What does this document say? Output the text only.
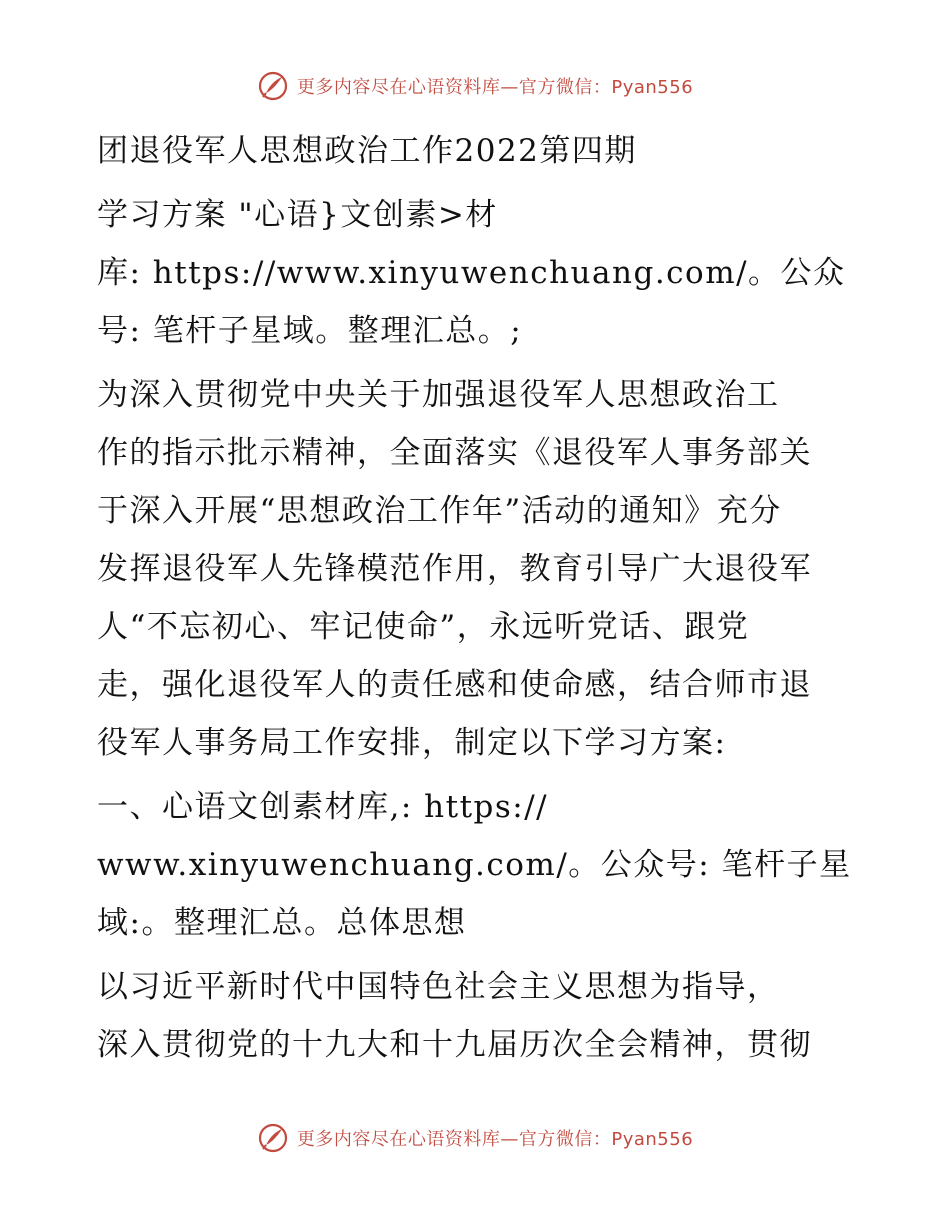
更多内容尽在心语资料库—官方微信：Pyan556

团退役军人思想政治工作2022第四期

学习方案 "心语}文创素>材
库: https://www.xinyuwenchuang.com/。公众
号: 笔杆子星域。整理汇总。;

为深入贯彻党中央关于加强退役军人思想政治工
作的指示批示精神，全面落实《退役军人事务部关
于深入开展“思想政治工作年”活动的通知》充分
发挥退役军人先锋模范作用，教育引导广大退役军
人“不忘初心、牢记使命”，永远听党话、跟党
走，强化退役军人的责任感和使命感，结合师市退
役军人事务局工作安排，制定以下学习方案:

一、心语文创素材库,: https://
www.xinyuwenchuang.com/。公众号: 笔杆子星
域:。整理汇总。总体思想

以习近平新时代中国特色社会主义思想为指导，
深入贯彻党的十九大和十九届历次全会精神，贯彻

更多内容尽在心语资料库—官方微信：Pyan556
